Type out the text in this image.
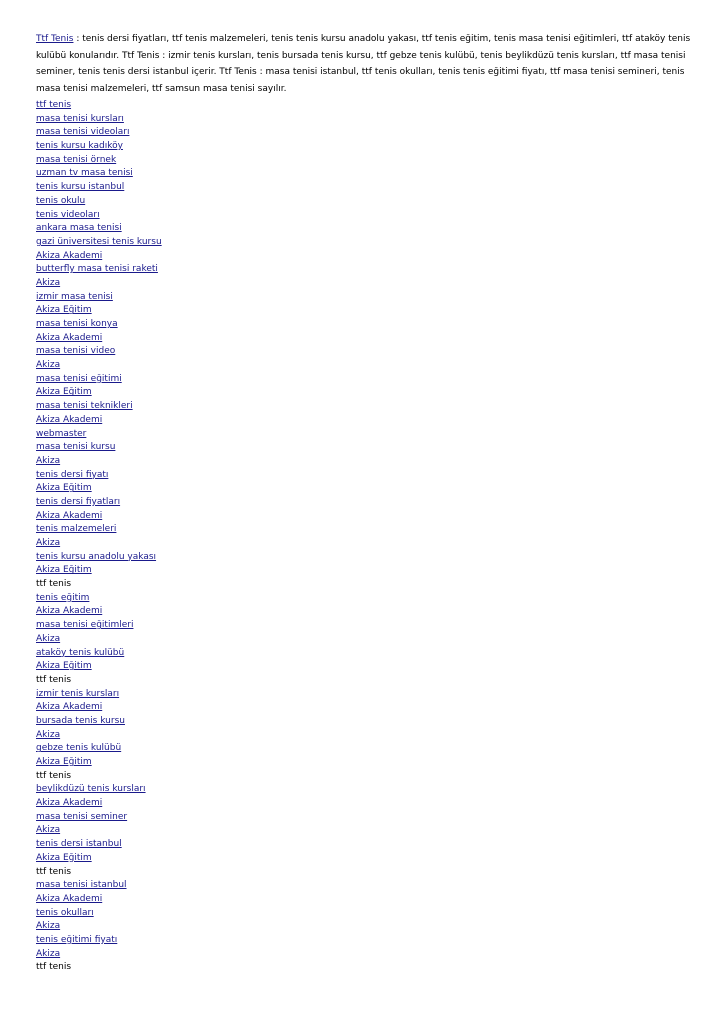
Ttf Tenis : tenis dersi fiyatları, ttf tenis malzemeleri, tenis tenis kursu anadolu yakası, ttf tenis eğitim, tenis masa tenisi eğitimleri, ttf ataköy tenis kulübü konularıdır. Ttf Tenis : izmir tenis kursları, tenis bursada tenis kursu, ttf gebze tenis kulübü, tenis beylikdüzü tenis kursları, ttf masa tenisi seminer, tenis tenis dersi istanbul içerir. Ttf Tenis : masa tenisi istanbul, ttf tenis okulları, tenis tenis eğitimi fiyatı, ttf masa tenisi semineri, tenis masa tenisi malzemeleri, ttf samsun masa tenisi sayılır.

ttf tenis
masa tenisi kursları
masa tenisi videoları
tenis kursu kadıköy
masa tenisi örnek
uzman tv masa tenisi
tenis kursu istanbul
tenis okulu
tenis videoları
ankara masa tenisi
gazi üniversitesi tenis kursu
Akiza Akademi
butterfly masa tenisi raketi
Akiza
izmir masa tenisi
Akiza Eğitim
masa tenisi konya
Akiza Akademi
masa tenisi video
Akiza
masa tenisi eğitimi
Akiza Eğitim
masa tenisi teknikleri
Akiza Akademi
webmaster
masa tenisi kursu
Akiza
tenis dersi fiyatı
Akiza Eğitim
tenis dersi fiyatları
Akiza Akademi
tenis malzemeleri
Akiza
tenis kursu anadolu yakası
Akiza Eğitim
ttf tenis
tenis eğitim
Akiza Akademi
masa tenisi eğitimleri
Akiza
ataköy tenis kulübü
Akiza Eğitim
ttf tenis
izmir tenis kursları
Akiza Akademi
bursada tenis kursu
Akiza
gebze tenis kulübü
Akiza Eğitim
ttf tenis
beylikdüzü tenis kursları
Akiza Akademi
masa tenisi seminer
Akiza
tenis dersi istanbul
Akiza Eğitim
ttf tenis
masa tenisi istanbul
Akiza Akademi
tenis okulları
Akiza
tenis eğitimi fiyatı
Akiza
ttf tenis
